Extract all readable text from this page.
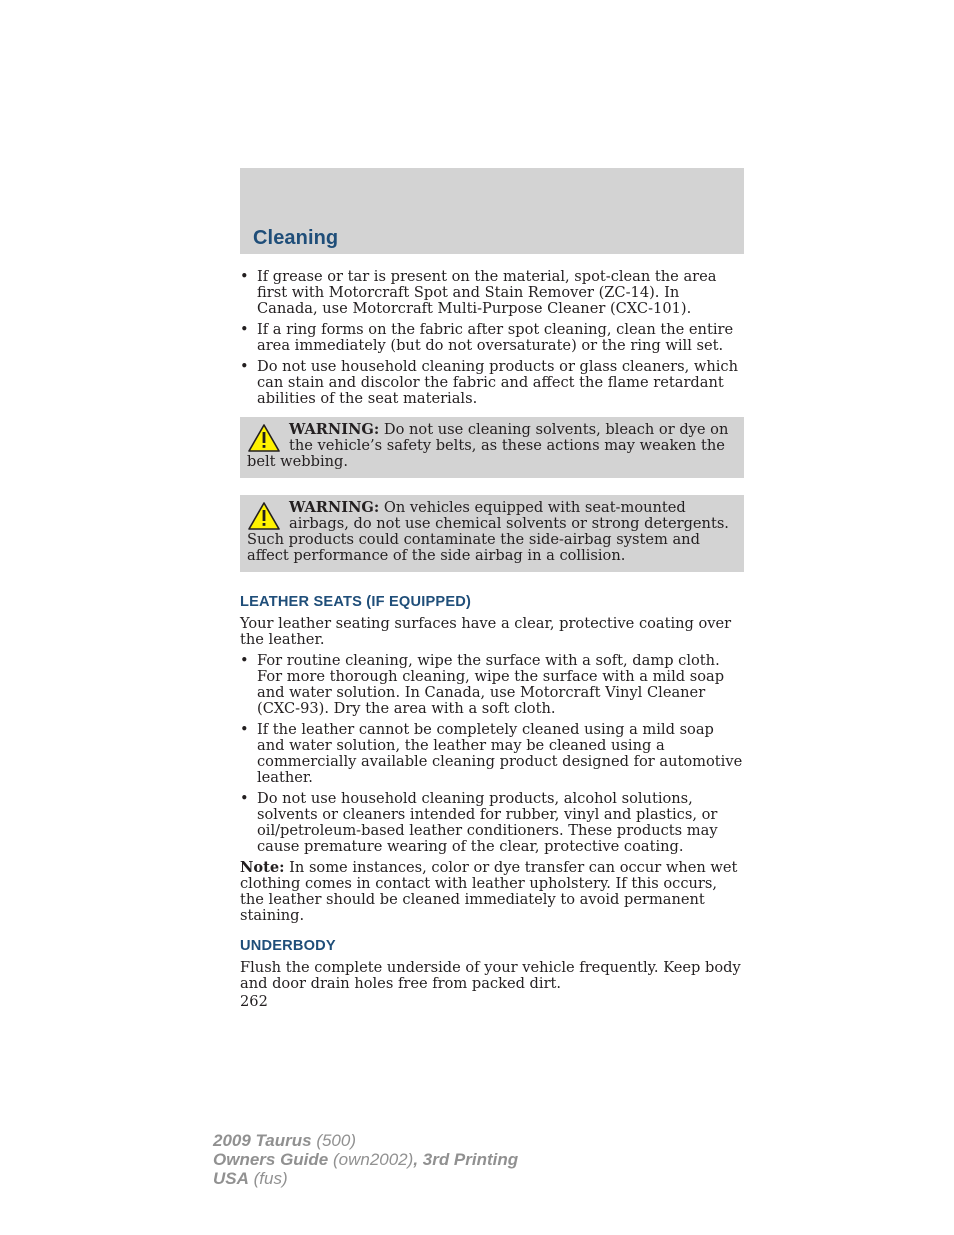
Cleaning
• If grease or tar is present on the material, spot-clean the area first with Motorcraft Spot and Stain Remover (ZC-14). In Canada, use Motorcraft Multi-Purpose Cleaner (CXC-101).
• If a ring forms on the fabric after spot cleaning, clean the entire area immediately (but do not oversaturate) or the ring will set.
• Do not use household cleaning products or glass cleaners, which can stain and discolor the fabric and affect the flame retardant abilities of the seat materials.
WARNING: Do not use cleaning solvents, bleach or dye on the vehicle’s safety belts, as these actions may weaken the belt webbing.
WARNING: On vehicles equipped with seat-mounted airbags, do not use chemical solvents or strong detergents. Such products could contaminate the side-airbag system and affect performance of the side airbag in a collision.
LEATHER SEATS (IF EQUIPPED)

Your leather seating surfaces have a clear, protective coating over the leather.

• For routine cleaning, wipe the surface with a soft, damp cloth. For more thorough cleaning, wipe the surface with a mild soap and water solution. In Canada, use Motorcraft Vinyl Cleaner (CXC-93). Dry the area with a soft cloth.
• If the leather cannot be completely cleaned using a mild soap and water solution, the leather may be cleaned using a commercially available cleaning product designed for automotive leather.
• Do not use household cleaning products, alcohol solutions, solvents or cleaners intended for rubber, vinyl and plastics, or oil/petroleum-based leather conditioners. These products may cause premature wearing of the clear, protective coating.

Note: In some instances, color or dye transfer can occur when wet clothing comes in contact with leather upholstery. If this occurs, the leather should be cleaned immediately to avoid permanent staining.

UNDERBODY

Flush the complete underside of your vehicle frequently. Keep body and door drain holes free from packed dirt.

262
2009 Taurus (500)
Owners Guide (own2002), 3rd Printing
USA (fus)
